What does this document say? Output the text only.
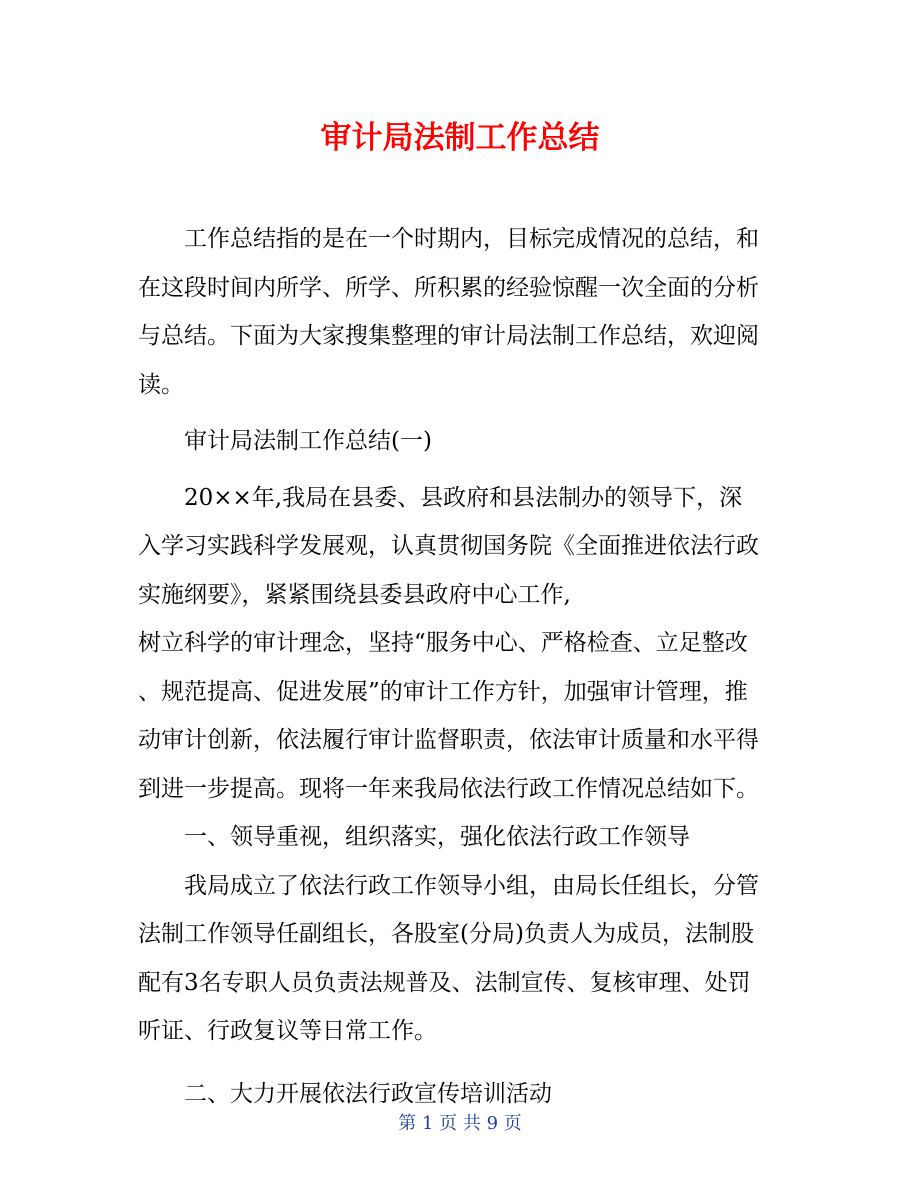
审计局法制工作总结
工作总结指的是在一个时期内，目标完成情况的总结，和
在这段时间内所学、所学、所积累的经验惊醒一次全面的分析
与总结。下面为大家搜集整理的审计局法制工作总结，欢迎阅
读。
审计局法制工作总结(一)
20××年,我局在县委、县政府和县法制办的领导下，深
入学习实践科学发展观，认真贯彻国务院《全面推进依法行政
实施纲要》，紧紧围绕县委县政府中心工作,
树立科学的审计理念，坚持“服务中心、严格检查、立足整改
、规范提高、促进发展”的审计工作方针，加强审计管理，推
动审计创新，依法履行审计监督职责，依法审计质量和水平得
到进一步提高。现将一年来我局依法行政工作情况总结如下。
一、领导重视，组织落实，强化依法行政工作领导
我局成立了依法行政工作领导小组，由局长任组长，分管
法制工作领导任副组长，各股室(分局)负责人为成员，法制股
配有3名专职人员负责法规普及、法制宣传、复核审理、处罚
听证、行政复议等日常工作。
二、大力开展依法行政宣传培训活动
第 1 页 共 9 页
